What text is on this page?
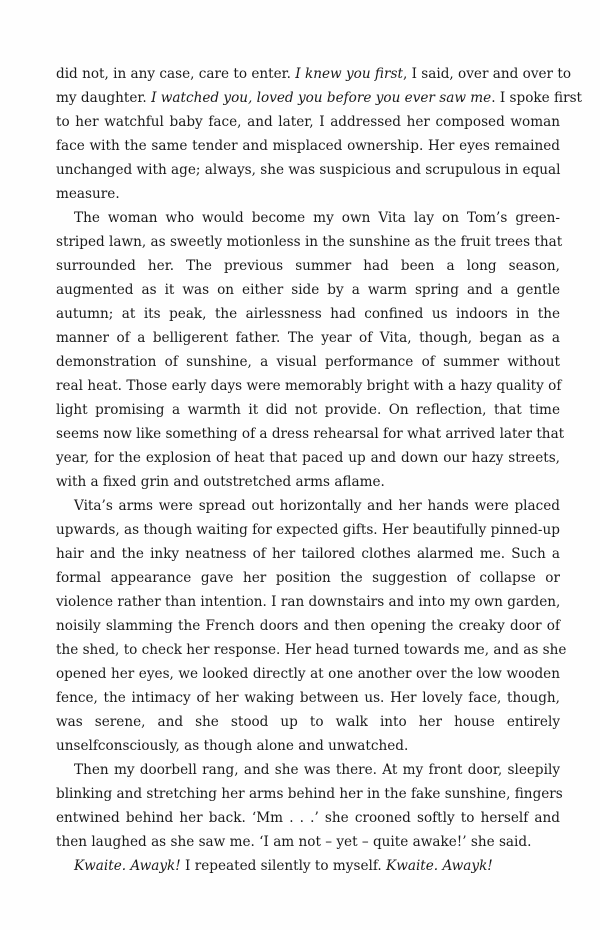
did not, in any case, care to enter. I knew you first, I said, over and over to
my daughter. I watched you, loved you before you ever saw me. I spoke first
to her watchful baby face, and later, I addressed her composed woman
face with the same tender and misplaced ownership. Her eyes remained
unchanged with age; always, she was suspicious and scrupulous in equal
measure.
The woman who would become my own Vita lay on Tom’s green-
striped lawn, as sweetly motionless in the sunshine as the fruit trees that
surrounded her. The previous summer had been a long season,
augmented as it was on either side by a warm spring and a gentle
autumn; at its peak, the airlessness had confined us indoors in the
manner of a belligerent father. The year of Vita, though, began as a
demonstration of sunshine, a visual performance of summer without
real heat. Those early days were memorably bright with a hazy quality of
light promising a warmth it did not provide. On reflection, that time
seems now like something of a dress rehearsal for what arrived later that
year, for the explosion of heat that paced up and down our hazy streets,
with a fixed grin and outstretched arms aflame.
Vita’s arms were spread out horizontally and her hands were placed
upwards, as though waiting for expected gifts. Her beautifully pinned-up
hair and the inky neatness of her tailored clothes alarmed me. Such a
formal appearance gave her position the suggestion of collapse or
violence rather than intention. I ran downstairs and into my own garden,
noisily slamming the French doors and then opening the creaky door of
the shed, to check her response. Her head turned towards me, and as she
opened her eyes, we looked directly at one another over the low wooden
fence, the intimacy of her waking between us. Her lovely face, though,
was serene, and she stood up to walk into her house entirely
unselfconsciously, as though alone and unwatched.
Then my doorbell rang, and she was there. At my front door, sleepily
blinking and stretching her arms behind her in the fake sunshine, fingers
entwined behind her back. ‘Mm . . .’ she crooned softly to herself and
then laughed as she saw me. ‘I am not – yet – quite awake!’ she said.
Kwaite. Awayk! I repeated silently to myself. Kwaite. Awayk!
